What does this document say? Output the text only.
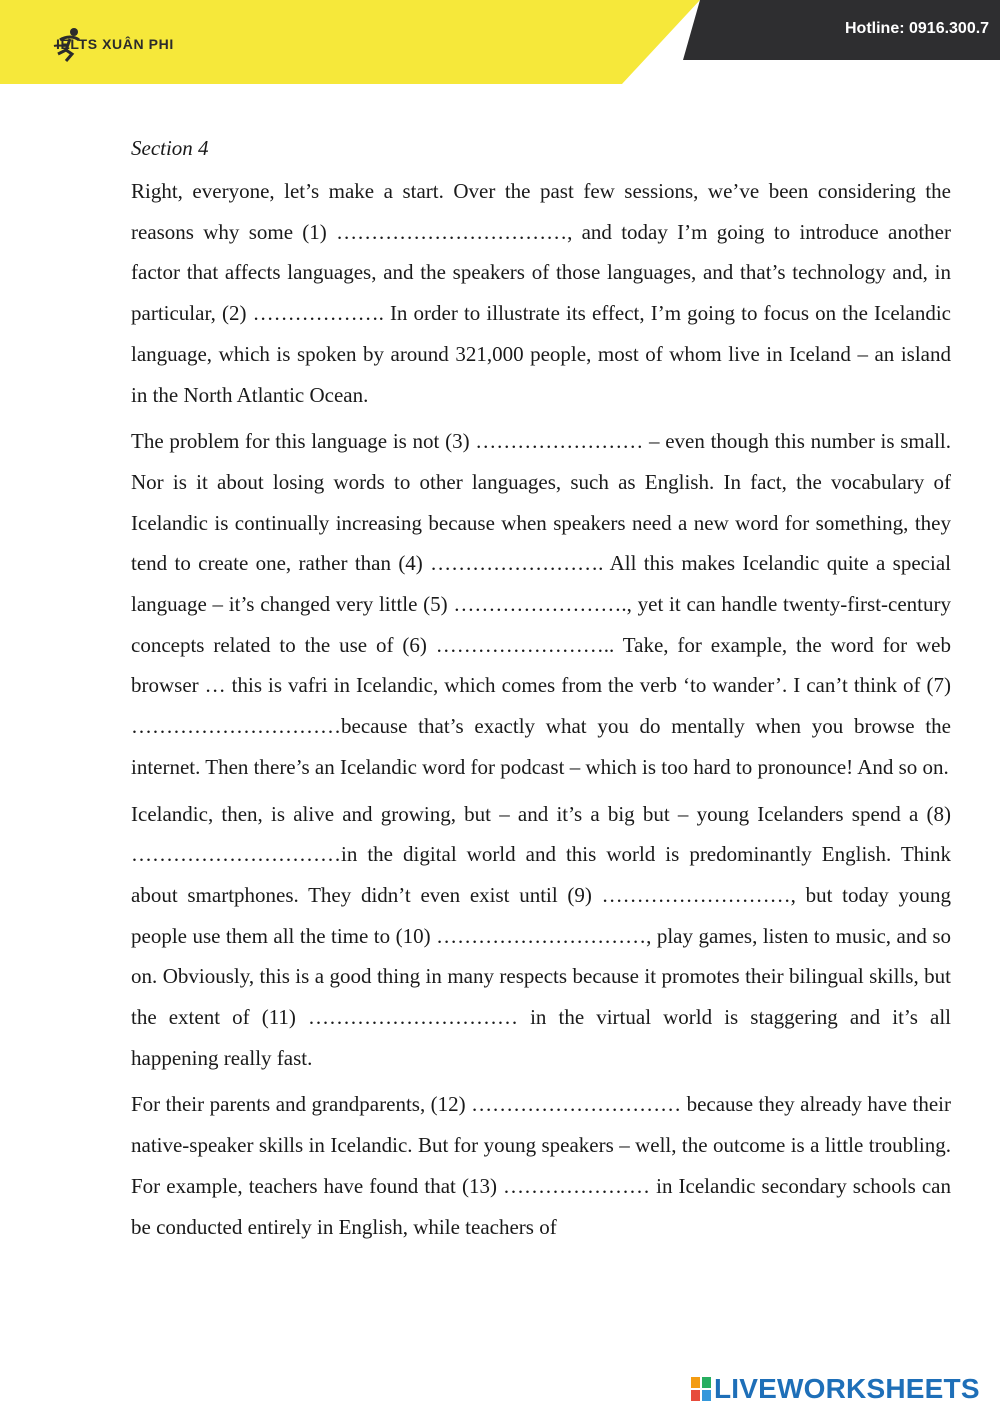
IELTS XUÂN PHI
Hotline: 0916.300.7

Section 4

Right, everyone, let’s make a start. Over the past few sessions, we’ve been considering the reasons why some (1) ……………………………, and today I’m going to introduce another factor that affects languages, and the speakers of those languages, and that’s technology and, in particular, (2) ………………. In order to illustrate its effect, I’m going to focus on the Icelandic language, which is spoken by around 321,000 people, most of whom live in Iceland – an island in the North Atlantic Ocean.

The problem for this language is not (3) …………………… – even though this number is small. Nor is it about losing words to other languages, such as English. In fact, the vocabulary of Icelandic is continually increasing because when speakers need a new word for something, they tend to create one, rather than (4) ……………………. All this makes Icelandic quite a special language – it’s changed very little (5) ……………………., yet it can handle twenty-first-century concepts related to the use of (6) …………………….. Take, for example, the word for web browser … this is vafri in Icelandic, which comes from the verb ‘to wander’. I can’t think of (7) …………………………because that’s exactly what you do mentally when you browse the internet. Then there’s an Icelandic word for podcast – which is too hard to pronounce! And so on.

Icelandic, then, is alive and growing, but – and it’s a big but – young Icelanders spend a (8) …………………………in the digital world and this world is predominantly English. Think about smartphones. They didn’t even exist until (9) ………………………, but today young people use them all the time to (10) …………………………, play games, listen to music, and so on. Obviously, this is a good thing in many respects because it promotes their bilingual skills, but the extent of (11) ………………………… in the virtual world is staggering and it’s all happening really fast.

For their parents and grandparents, (12) ………………………… because they already have their native-speaker skills in Icelandic. But for young speakers – well, the outcome is a little troubling. For example, teachers have found that (13) ………………… in Icelandic secondary schools can be conducted entirely in English, while teachers of

LIVEWORKSHEETS
